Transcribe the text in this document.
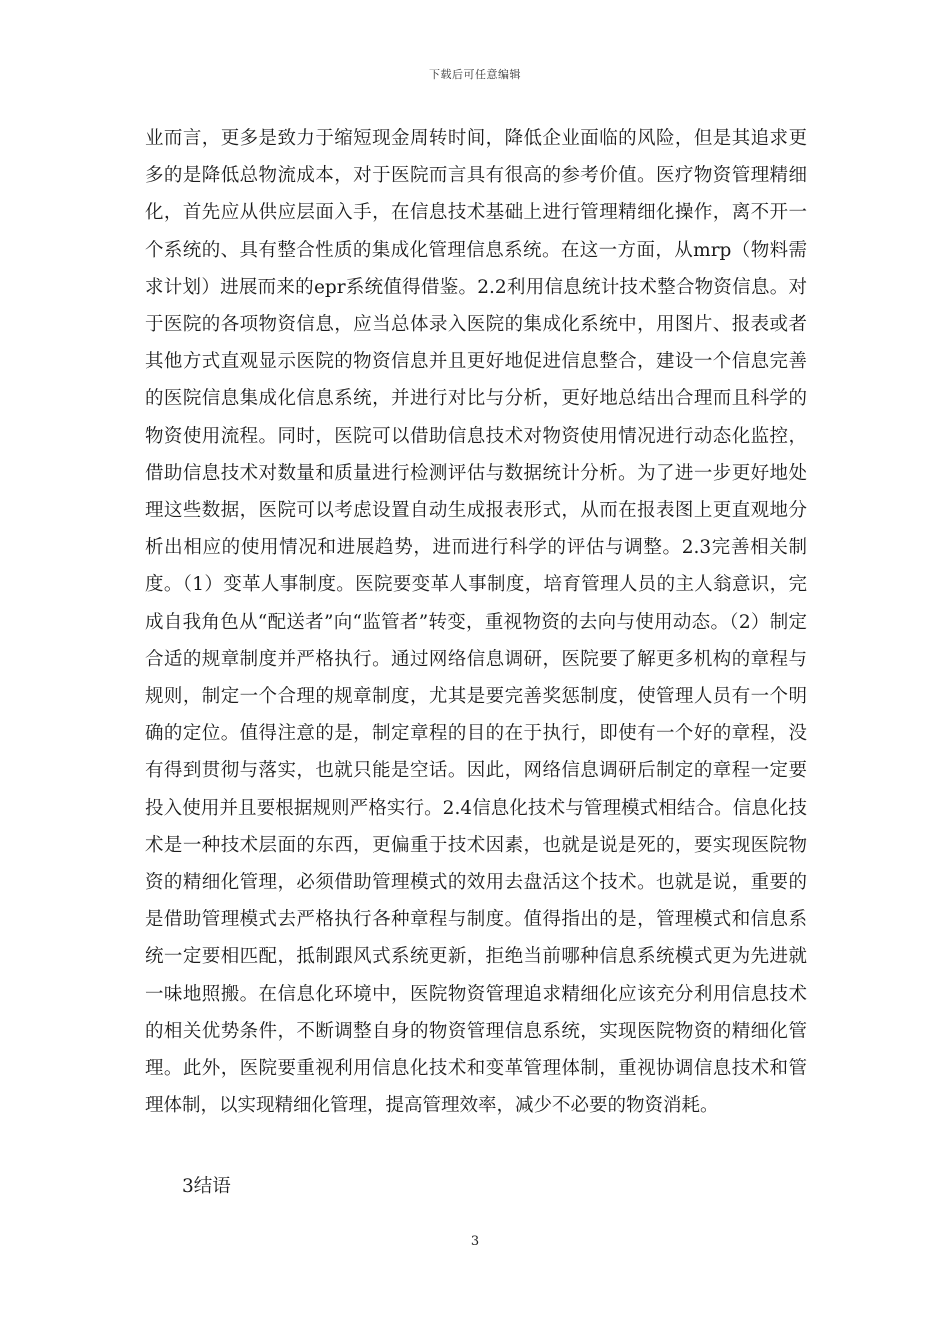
下载后可任意编辑

业而言，更多是致力于缩短现金周转时间，降低企业面临的风险，但是其追求更多的是降低总物流成本，对于医院而言具有很高的参考价值。医疗物资管理精细化，首先应从供应层面入手，在信息技术基础上进行管理精细化操作，离不开一个系统的、具有整合性质的集成化管理信息系统。在这一方面，从mrp（物料需求计划）进展而来的epr系统值得借鉴。2.2利用信息统计技术整合物资信息。对于医院的各项物资信息，应当总体录入医院的集成化系统中，用图片、报表或者其他方式直观显示医院的物资信息并且更好地促进信息整合，建设一个信息完善的医院信息集成化信息系统，并进行对比与分析，更好地总结出合理而且科学的物资使用流程。同时，医院可以借助信息技术对物资使用情况进行动态化监控，借助信息技术对数量和质量进行检测评估与数据统计分析。为了进一步更好地处理这些数据，医院可以考虑设置自动生成报表形式，从而在报表图上更直观地分析出相应的使用情况和进展趋势，进而进行科学的评估与调整。2.3完善相关制度。（1）变革人事制度。医院要变革人事制度，培育管理人员的主人翁意识，完成自我角色从“配送者”向“监管者”转变，重视物资的去向与使用动态。（2）制定合适的规章制度并严格执行。通过网络信息调研，医院要了解更多机构的章程与规则，制定一个合理的规章制度，尤其是要完善奖惩制度，使管理人员有一个明确的定位。值得注意的是，制定章程的目的在于执行，即使有一个好的章程，没有得到贯彻与落实，也就只能是空话。因此，网络信息调研后制定的章程一定要投入使用并且要根据规则严格实行。2.4信息化技术与管理模式相结合。信息化技术是一种技术层面的东西，更偏重于技术因素，也就是说是死的，要实现医院物资的精细化管理，必须借助管理模式的效用去盘活这个技术。也就是说，重要的是借助管理模式去严格执行各种章程与制度。值得指出的是，管理模式和信息系统一定要相匹配，抵制跟风式系统更新，拒绝当前哪种信息系统模式更为先进就一味地照搬。在信息化环境中，医院物资管理追求精细化应该充分利用信息技术的相关优势条件，不断调整自身的物资管理信息系统，实现医院物资的精细化管理。此外，医院要重视利用信息化技术和变革管理体制，重视协调信息技术和管理体制，以实现精细化管理，提高管理效率，减少不必要的物资消耗。

3结语

3
